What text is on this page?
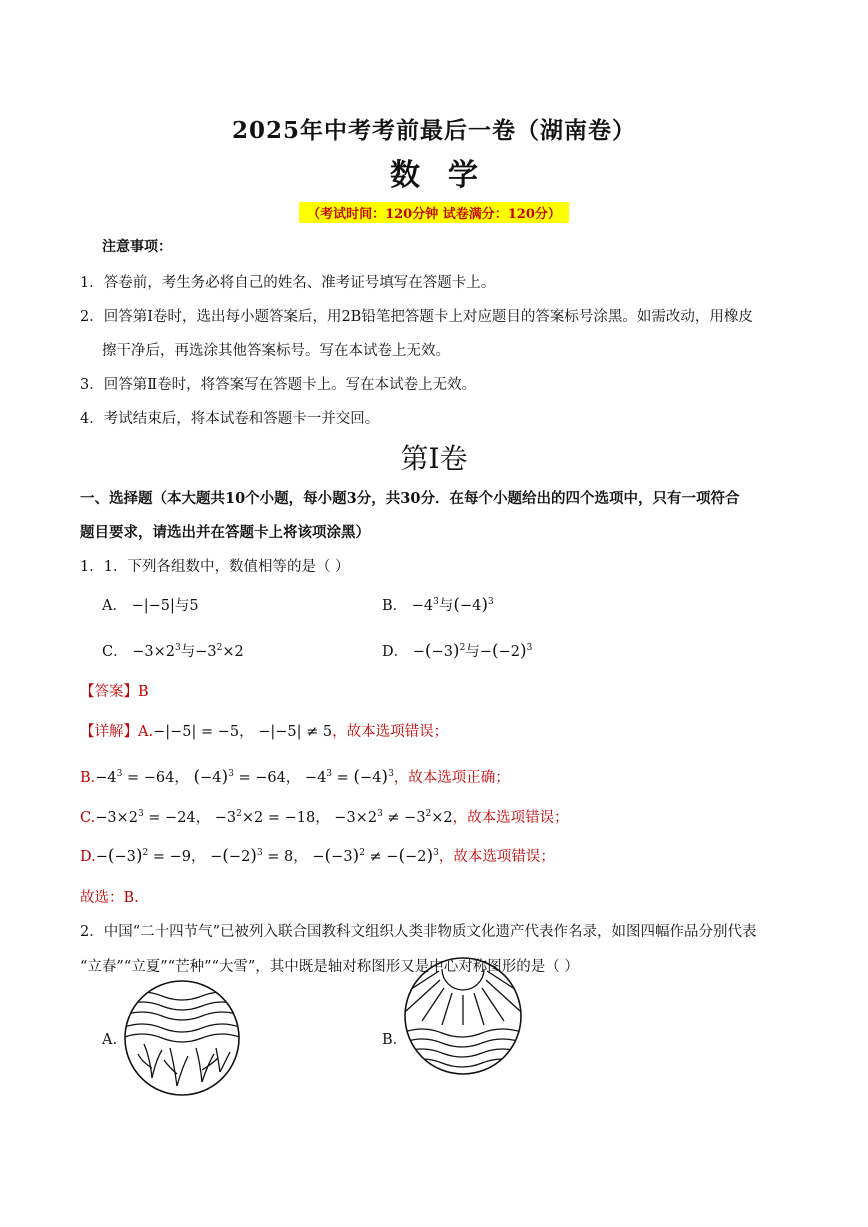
2025年中考考前最后一卷（湖南卷）
数学
（考试时间：120分钟 试卷满分：120分）
注意事项：
1．答卷前，考生务必将自己的姓名、准考证号填写在答题卡上。
2．回答第Ⅰ卷时，选出每小题答案后，用2B铅笔把答题卡上对应题目的答案标号涂黑。如需改动，用橡皮
擦干净后，再选涂其他答案标号。写在本试卷上无效。
3．回答第Ⅱ卷时，将答案写在答题卡上。写在本试卷上无效。
4．考试结束后，将本试卷和答题卡一并交回。
第Ⅰ卷
一、选择题（本大题共10个小题，每小题3分，共30分．在每个小题给出的四个选项中，只有一项符合
题目要求，请选出并在答题卡上将该项涂黑）
1．1．下列各组数中，数值相等的是（ ）
A． −|−5|与5	B． $-4^3$与$(-4)^3$
C． $-3\times 2^3$与$-3^2\times 2$	D． $-(-3)^2$与$-(-2)^3$
【答案】B
【详解】A.−|−5| = −5， −|−5| ≠ 5，故本选项错误；
$B.-4^3 = -64$， $(-4)^3 = -64$， $-4^3 = (-4)^3$，故本选项正确；
$C.-3\times 2^3 = -24$， $-3^2\times 2 = -18$， $-3\times 2^3 \ne -3^2\times 2$，故本选项错误；
$D.-(-3)^2 = -9$， $-(-2)^3 = 8$， $-(-3)^2 \ne -(-2)^3$，故本选项错误；
故选：B.
2．中国“二十四节气”已被列入联合国教科文组织人类非物质文化遗产代表作名录，如图四幅作品分别代表
“立春”“立夏”“芒种”“大雪”，其中既是轴对称图形又是中心对称图形的是（ ）
A．	B．
